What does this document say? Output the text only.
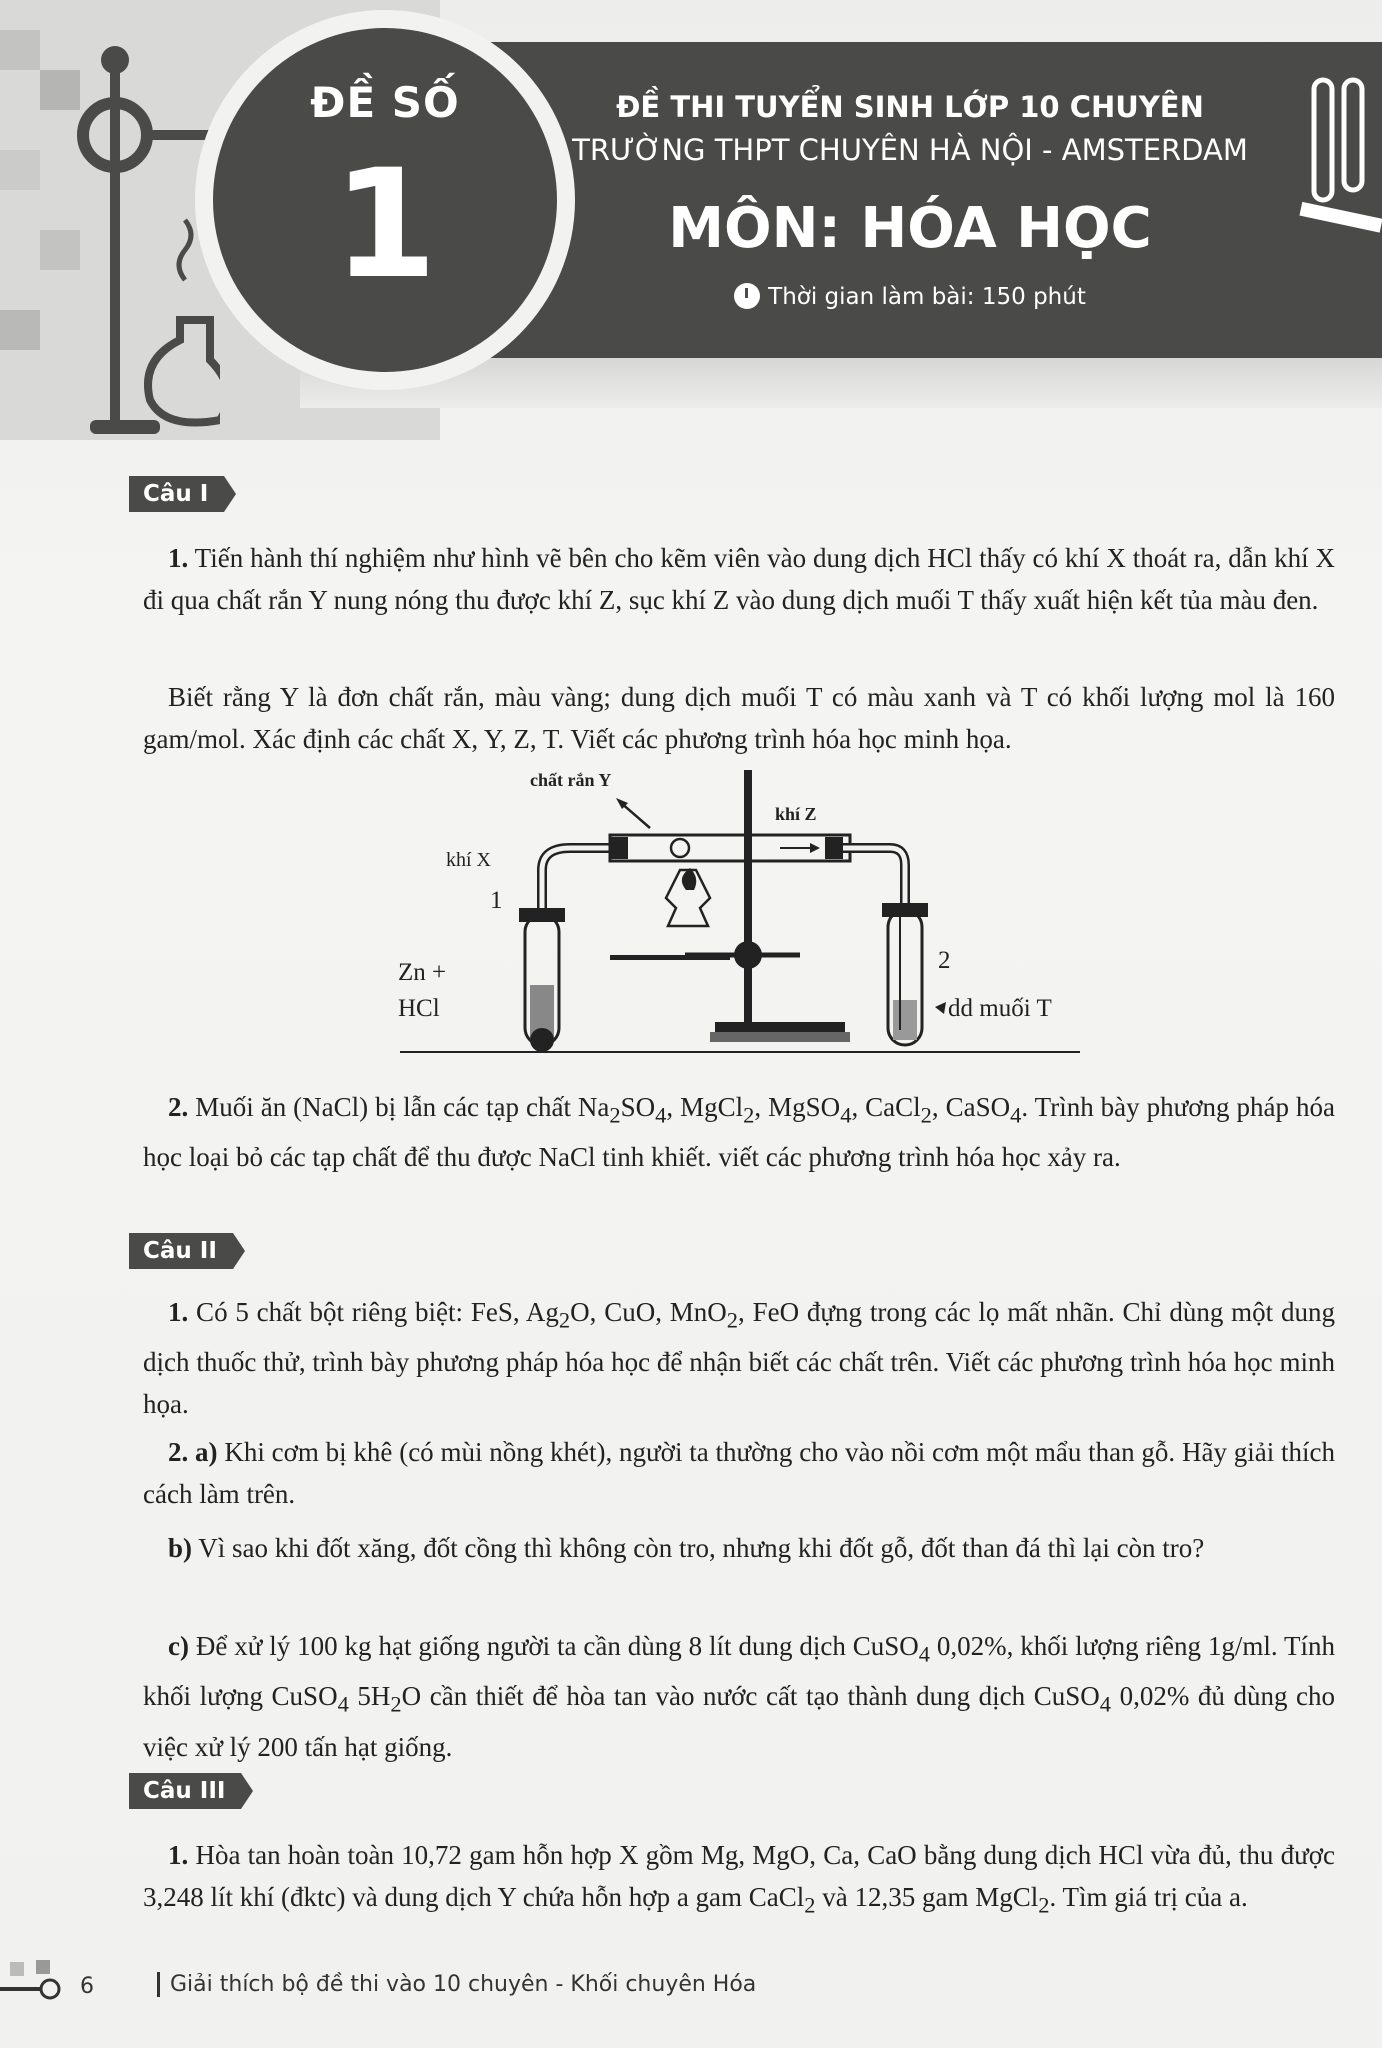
ĐỀ SỐ
1
ĐỀ THI TUYỂN SINH LỚP 10 CHUYÊN
TRƯỜNG THPT CHUYÊN HÀ NỘI - AMSTERDAM
MÔN: HÓA HỌC
Thời gian làm bài: 150 phút
Câu I
1. Tiến hành thí nghiệm như hình vẽ bên cho kẽm viên vào dung dịch HCl thấy có khí X thoát ra, dẫn khí X đi qua chất rắn Y nung nóng thu được khí Z, sục khí Z vào dung dịch muối T thấy xuất hiện kết tủa màu đen.
Biết rằng Y là đơn chất rắn, màu vàng; dung dịch muối T có màu xanh và T có khối lượng mol là 160 gam/mol. Xác định các chất X, Y, Z, T. Viết các phương trình hóa học minh họa.
chất rắn Y
khí Z
khí X
1
2
Zn +
HCl	dd muối T
2. Muối ăn (NaCl) bị lẫn các tạp chất $Na_2SO_4$, MgCl$_2$, MgSO$_4$, CaCl$_2$, CaSO$_4$. Trình bày phương pháp hóa học loại bỏ các tạp chất để thu được NaCl tinh khiết. viết các phương trình hóa học xảy ra.
Câu II
1. Có 5 chất bột riêng biệt: FeS, $Ag_2O$, CuO, MnO$_2$, FeO đựng trong các lọ mất nhãn. Chỉ dùng một dung dịch thuốc thử, trình bày phương pháp hóa học để nhận biết các chất trên. Viết các phương trình hóa học minh họa.
2. a) Khi cơm bị khê (có mùi nồng khét), người ta thường cho vào nồi cơm một mẩu than gỗ. Hãy giải thích cách làm trên.
b) Vì sao khi đốt xăng, đốt cồng thì không còn tro, nhưng khi đốt gỗ, đốt than đá thì lại còn tro?
c) Để xử lý 100 kg hạt giống người ta cần dùng 8 lít dung dịch CuSO$_4$ 0,02%, khối lượng riêng 1g/ml. Tính khối lượng CuSO$_4$ $5H_2O$ cần thiết để hòa tan vào nước cất tạo thành dung dịch CuSO$_4$ 0,02% đủ dùng cho việc xử lý 200 tấn hạt giống.
Câu III
1. Hòa tan hoàn toàn 10,72 gam hỗn hợp X gồm Mg, MgO, Ca, CaO bằng dung dịch HCl vừa đủ, thu được 3,248 lít khí (đktc) và dung dịch Y chứa hỗn hợp a gam CaCl$_2$ và 12,35 gam MgCl$_2$. Tìm giá trị của a.
6	Giải thích bộ đề thi vào 10 chuyên - Khối chuyên Hóa
